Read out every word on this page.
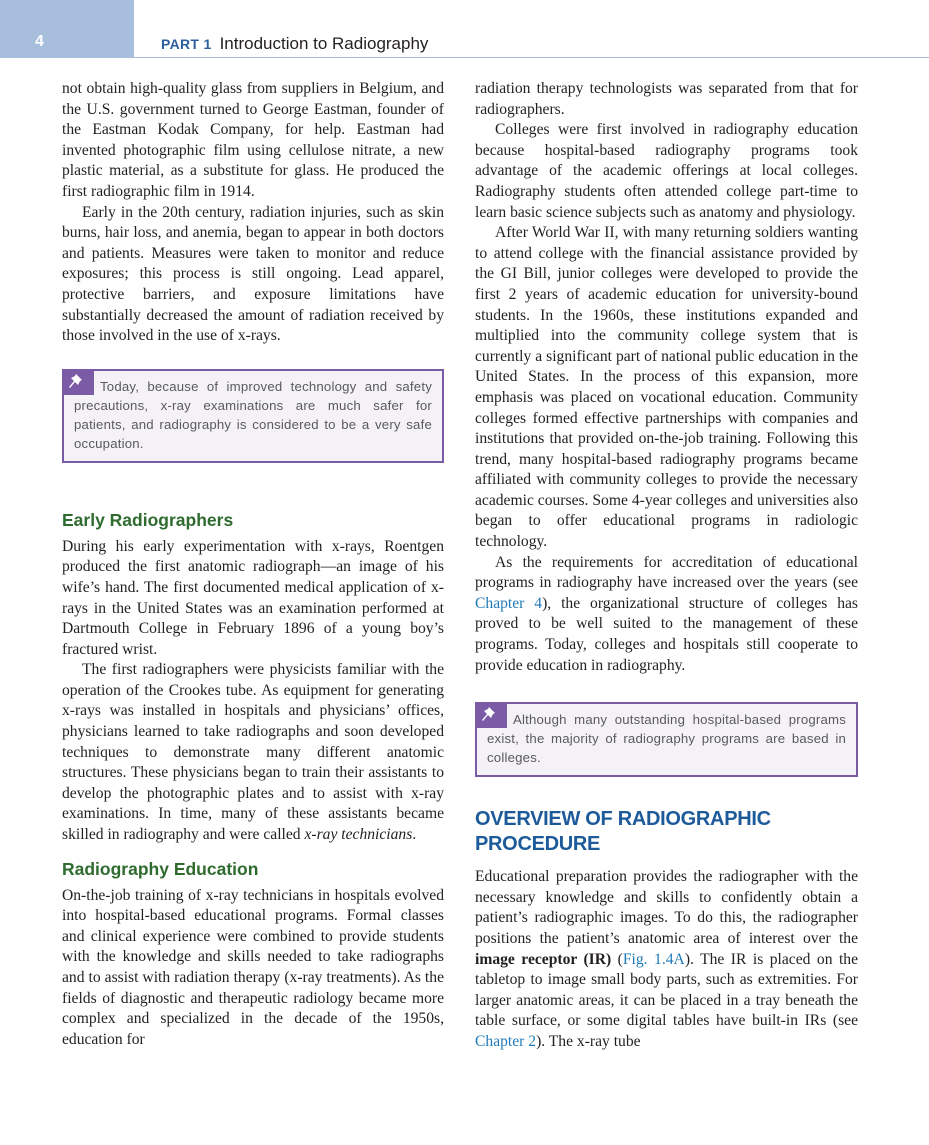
4	PART 1 Introduction to Radiography

not obtain high-quality glass from suppliers in Belgium, and the U.S. government turned to George Eastman, founder of the Eastman Kodak Company, for help. Eastman had invented photographic film using cellulose nitrate, a new plastic material, as a substitute for glass. He produced the first radiographic film in 1914.

Early in the 20th century, radiation injuries, such as skin burns, hair loss, and anemia, began to appear in both doctors and patients. Measures were taken to monitor and reduce exposures; this process is still ongoing. Lead apparel, protective barriers, and exposure limitations have substantially decreased the amount of radiation received by those involved in the use of x-rays.

Today, because of improved technology and safety precautions, x-ray examinations are much safer for patients, and radiography is considered to be a very safe occupation.

Early Radiographers

During his early experimentation with x-rays, Roentgen produced the first anatomic radiograph—an image of his wife’s hand. The first documented medical application of x-rays in the United States was an examination performed at Dartmouth College in February 1896 of a young boy’s fractured wrist.

The first radiographers were physicists familiar with the operation of the Crookes tube. As equipment for generating x-rays was installed in hospitals and physicians’ offices, physicians learned to take radiographs and soon developed techniques to demonstrate many different anatomic structures. These physicians began to train their assistants to develop the photographic plates and to assist with x-ray examinations. In time, many of these assistants became skilled in radiography and were called x-ray technicians.

Radiography Education

On-the-job training of x-ray technicians in hospitals evolved into hospital-based educational programs. Formal classes and clinical experience were combined to provide students with the knowledge and skills needed to take radiographs and to assist with radiation therapy (x-ray treatments). As the fields of diagnostic and therapeutic radiology became more complex and specialized in the decade of the 1950s, education for

radiation therapy technologists was separated from that for radiographers.

Colleges were first involved in radiography education because hospital-based radiography programs took advantage of the academic offerings at local colleges. Radiography students often attended college part-time to learn basic science subjects such as anatomy and physiology.

After World War II, with many returning soldiers wanting to attend college with the financial assistance provided by the GI Bill, junior colleges were developed to provide the first 2 years of academic education for university-bound students. In the 1960s, these institutions expanded and multiplied into the community college system that is currently a significant part of national public education in the United States. In the process of this expansion, more emphasis was placed on vocational education. Community colleges formed effective partnerships with companies and institutions that provided on-the-job training. Following this trend, many hospital-based radiography programs became affiliated with community colleges to provide the necessary academic courses. Some 4-year colleges and universities also began to offer educational programs in radiologic technology.

As the requirements for accreditation of educational programs in radiography have increased over the years (see Chapter 4), the organizational structure of colleges has proved to be well suited to the management of these programs. Today, colleges and hospitals still cooperate to provide education in radiography.

Although many outstanding hospital-based programs exist, the majority of radiography programs are based in colleges.

OVERVIEW OF RADIOGRAPHIC PROCEDURE

Educational preparation provides the radiographer with the necessary knowledge and skills to confidently obtain a patient’s radiographic images. To do this, the radiographer positions the patient’s anatomic area of interest over the image receptor (IR) (Fig. 1.4A). The IR is placed on the tabletop to image small body parts, such as extremities. For larger anatomic areas, it can be placed in a tray beneath the table surface, or some digital tables have built-in IRs (see Chapter 2). The x-ray tube
